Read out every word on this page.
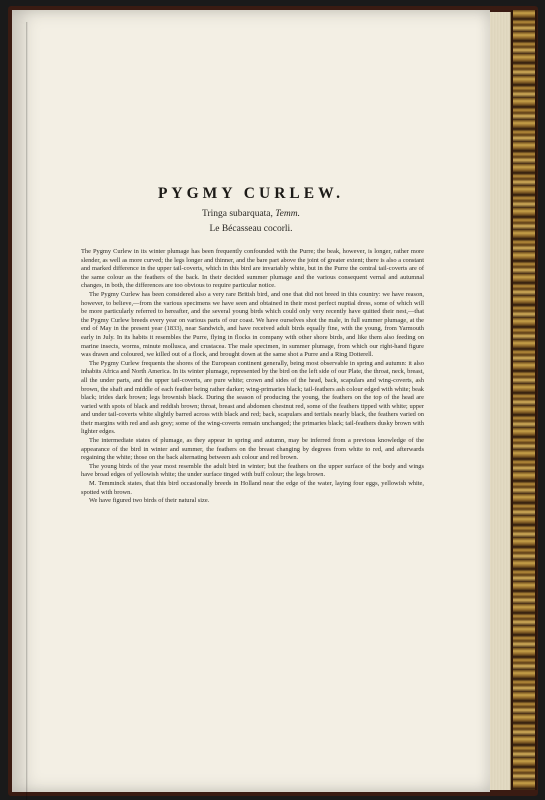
PYGMY CURLEW.
Tringa subarquata, Temm.
Le Bécasseau cocorli.

The Pygmy Curlew in its winter plumage has been frequently confounded with the Purre; the beak, however, is longer, rather more slender, as well as more curved; the legs longer and thinner, and the bare part above the joint of greater extent; there is also a constant and marked difference in the upper tail-coverts, which in this bird are invariably white, but in the Purre the central tail-coverts are of the same colour as the feathers of the back. In their decided summer plumage and the various consequent vernal and autumnal changes, in both, the differences are too obvious to require particular notice.

The Pygmy Curlew has been considered also a very rare British bird, and one that did not breed in this country: we have reason, however, to believe,—from the various specimens we have seen and obtained in their most perfect nuptial dress, some of which will be more particularly referred to hereafter, and the several young birds which could only very recently have quitted their nest,—that the Pygmy Curlew breeds every year on various parts of our coast. We have ourselves shot the male, in full summer plumage, at the end of May in the present year (1833), near Sandwich, and have received adult birds equally fine, with the young, from Yarmouth early in July. In its habits it resembles the Purre, flying in flocks in company with other shore birds, and like them also feeding on marine insects, worms, minute mollusca, and crustacea. The male specimen, in summer plumage, from which our right-hand figure was drawn and coloured, we killed out of a flock, and brought down at the same shot a Purre and a Ring Dotterell.

The Pygmy Curlew frequents the shores of the European continent generally, being most observable in spring and autumn: it also inhabits Africa and North America. In its winter plumage, represented by the bird on the left side of our Plate, the throat, neck, breast, all the under parts, and the upper tail-coverts, are pure white; crown and sides of the head, back, scapulars and wing-coverts, ash brown, the shaft and middle of each feather being rather darker; wing-primaries black; tail-feathers ash colour edged with white; beak black; irides dark brown; legs brownish black. During the season of producing the young, the feathers on the top of the head are varied with spots of black and reddish brown; throat, breast and abdomen chestnut red, some of the feathers tipped with white; upper and under tail-coverts white slightly barred across with black and red; back, scapulars and tertials nearly black, the feathers varied on their margins with red and ash grey; some of the wing-coverts remain unchanged; the primaries black; tail-feathers dusky brown with lighter edges.

The intermediate states of plumage, as they appear in spring and autumn, may be inferred from a previous knowledge of the appearance of the bird in winter and summer, the feathers on the breast changing by degrees from white to red, and afterwards regaining the white; those on the back alternating between ash colour and red brown.

The young birds of the year most resemble the adult bird in winter; but the feathers on the upper surface of the body and wings have broad edges of yellowish white; the under surface tinged with buff colour; the legs brown.

M. Temminck states, that this bird occasionally breeds in Holland near the edge of the water, laying four eggs, yellowish white, spotted with brown.

We have figured two birds of their natural size.
